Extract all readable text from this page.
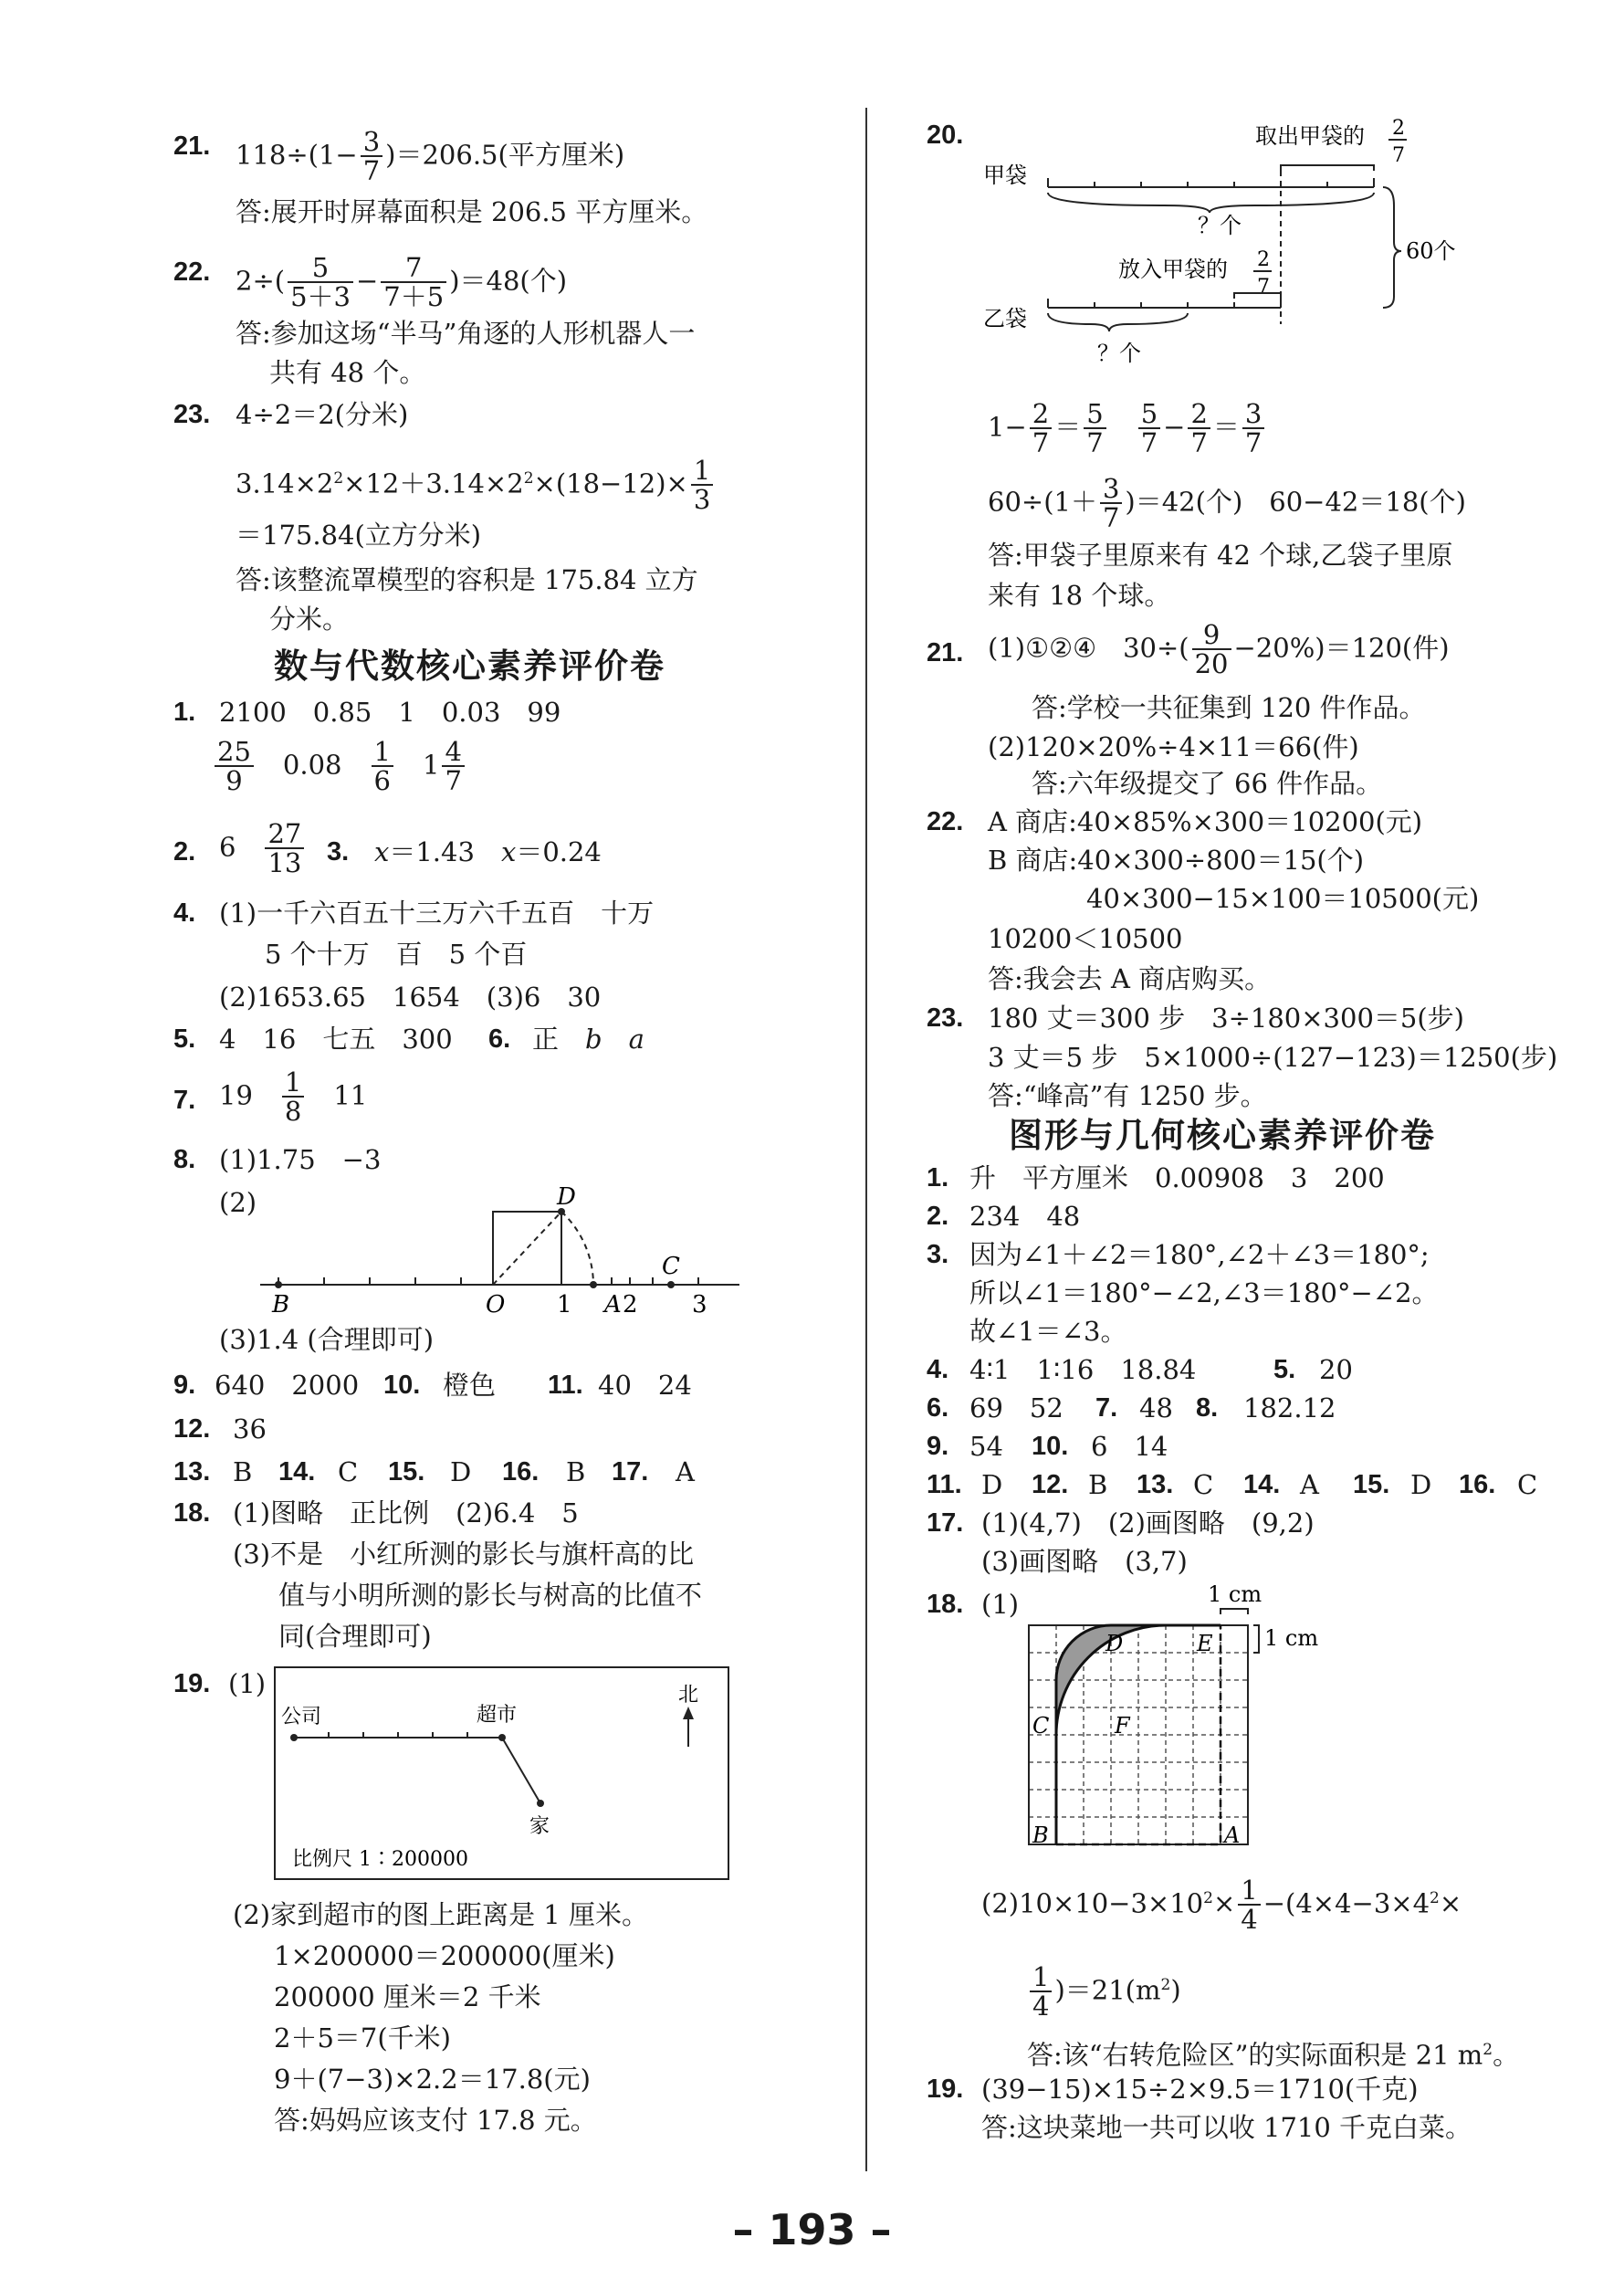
21. $118\div(1- \frac{3}{7} )=206.5$(平方厘米)
答:展开时屏幕面积是 206.5 平方厘米。
22. $2\div( \frac{5}{5+3} - \frac{7}{7+5} )=48$(个)
答:参加这场“半马”角逐的人形机器人一
共有 48 个。
23. 4÷2＝2(分米)
$3.14\times 2^2\times 12+3.14\times 2^2\times(18-12)\times \frac{1}{3}$
＝175.84(立方分米)
答:该整流罩模型的容积是 175.84 立方
分米。
数与代数核心素养评价卷
1. 2100　0.85　1　0.03　99
$\frac{25}{9}$
　 0.08　 $\frac{1}{6}$
　 $1 \frac{4}{7}$
2. 6　 $\frac{27}{13} 3$. x＝1.43　 x＝0.24
4. (1)一千六百五十三万六千五百　十万
5 个十万　百　5 个百
(2)1653.65　1654　(3)6　30
5. 4　16　七五　300 6. 正　 b　 a
7. 19　 $\frac{1}{8}$
　 11
8. (1)1.75　−3
(2)
B	O 1 A 2
C
3
D
(3)1.4 (合理即可)
9. 640　2000 10. 橙色 11. 40　24
12. 36
13. B 14. C 15. D 16. B 17. A
18. (1)图略　正比例　(2)6.4　5
(3)不是　小红所测的影长与旗杆高的比
值与小明所测的影长与树高的比值不
同(合理即可)
19. (1)
公司	超市
家
北
比例尺 1∶200000
(2)家到超市的图上距离是 1 厘米。
1×200000＝200000(厘米)
200000 厘米＝2 千米
2＋5＝7(千米)
9＋(7−3)×2.2＝17.8(元)
答:妈妈应该支付 17.8 元。
20.	取出甲袋的 2
7
甲袋
？个
放入甲袋的 2
7
乙袋
？个
60个
$1- \frac{2}{7} = \frac{5}{7}$
　 $\frac{5}{7} - \frac{2}{7} = \frac{3}{7}$
$60\div(1+ \frac{3}{7} )=42$(个)　60−42＝18(个)
答:甲袋子里原来有 42 个球,乙袋子里原
来有 18 个球。
21. (1)①②④　$30\div( \frac{9}{20} -20\%)=120$(件)
答:学校一共征集到 120 件作品。
(2)120×20%÷4×11＝66(件)
答:六年级提交了 66 件作品。
22. A 商店:40×85%×300＝10200(元)
B 商店:40×300÷800＝15(个)
40×300−15×100＝10500(元)
10200＜10500
答:我会去 A 商店购买。
23. 180 丈＝300 步　3÷180×300＝5(步)
3 丈＝5 步　5×1000÷(127−123)＝1250(步)
答:“峰高”有 1250 步。
图形与几何核心素养评价卷
1. 升　平方厘米　0.00908　3　200
2. 234　48
3. 因为∠1＋∠2＝180°,∠2＋∠3＝180°;
所以∠1＝180°−∠2,∠3＝180°−∠2。
故∠1＝∠3。
4. 4∶1　1∶16　18.84	5. 20
6. 69　52 7. 48 8. 182.12
9. 54 10. 6　14
11. D 12. B 13. C 14. A 15. D 16. C
17. (1)(4,7)　(2)画图略　(9,2)
(3)画图略　(3,7)
18. (1)
D	E
C	F
B	A
1 cm
1 cm
$(2)10\times 10-3\times 10^2\times \frac{1}{4} -(4\times 4-3\times 4^2\times$
$\frac{1}{4} )=21(m^2)$
答:该“右转危险区”的实际面积是 21 $m^2$。
19. (39−15)×15÷2×9.5＝1710(千克)
答:这块菜地一共可以收 1710 千克白菜。
– 193 –
